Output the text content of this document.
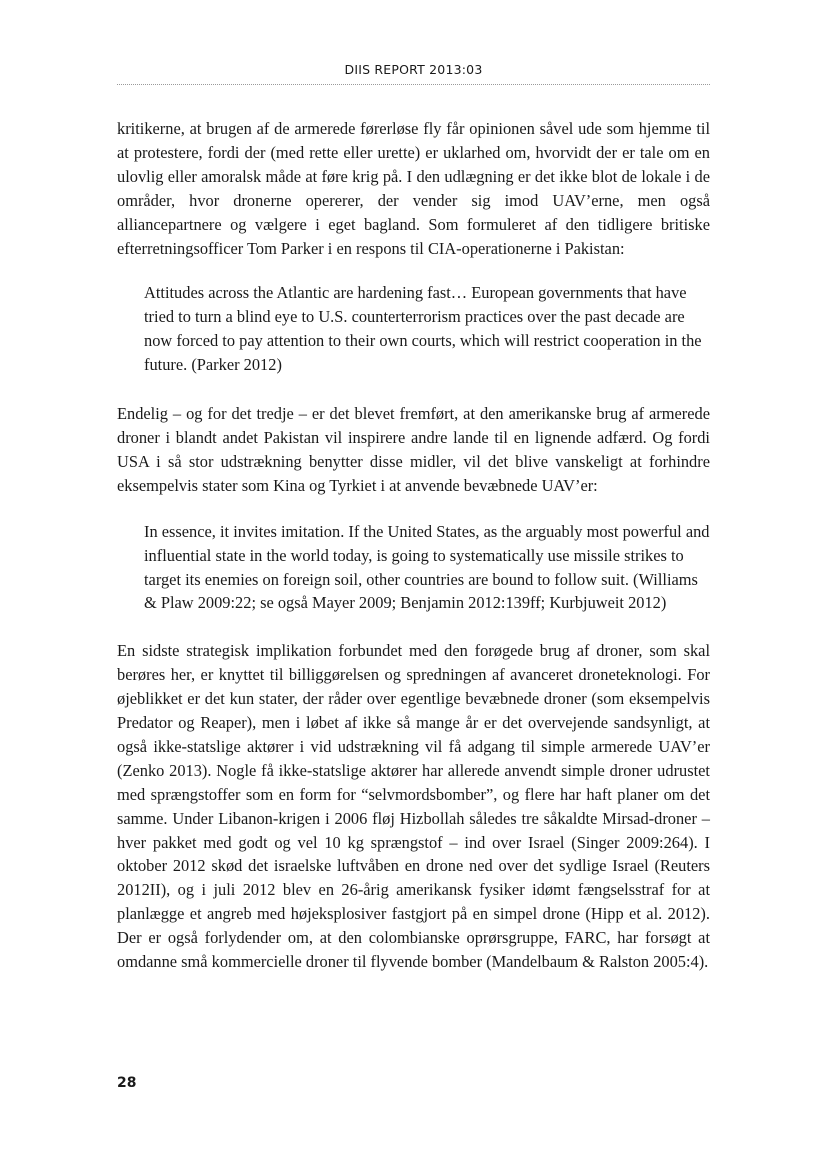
DIIS REPORT 2013:03

kritikerne, at brugen af de armerede førerløse fly får opinionen såvel ude som hjemme til at protestere, fordi der (med rette eller urette) er uklarhed om, hvorvidt der er tale om en ulovlig eller amoralsk måde at føre krig på. I den udlægning er det ikke blot de lokale i de områder, hvor dronerne opererer, der vender sig imod UAV’erne, men også alliancepartnere og vælgere i eget bagland. Som formuleret af den tidligere britiske efterretningsofficer Tom Parker i en respons til CIA-operationerne i Pakistan:

Attitudes across the Atlantic are hardening fast… European governments that have tried to turn a blind eye to U.S. counterterrorism practices over the past decade are now forced to pay attention to their own courts, which will restrict cooperation in the future. (Parker 2012)

Endelig – og for det tredje – er det blevet fremført, at den amerikanske brug af armerede droner i blandt andet Pakistan vil inspirere andre lande til en lignende adfærd. Og fordi USA i så stor udstrækning benytter disse midler, vil det blive vanskeligt at forhindre eksempelvis stater som Kina og Tyrkiet i at anvende bevæbnede UAV’er:

In essence, it invites imitation. If the United States, as the arguably most powerful and influential state in the world today, is going to systematically use missile strikes to target its enemies on foreign soil, other countries are bound to follow suit. (Williams & Plaw 2009:22; se også Mayer 2009; Benjamin 2012:139ff; Kurbjuweit 2012)

En sidste strategisk implikation forbundet med den forøgede brug af droner, som skal berøres her, er knyttet til billiggørelsen og spredningen af avanceret droneteknologi. For øjeblikket er det kun stater, der råder over egentlige bevæbnede droner (som eksempelvis Predator og Reaper), men i løbet af ikke så mange år er det overvejende sandsynligt, at også ikke-statslige aktører i vid udstrækning vil få adgang til simple armerede UAV’er (Zenko 2013). Nogle få ikke-statslige aktører har allerede anvendt simple droner udrustet med sprængstoffer som en form for “selvmordsbomber”, og flere har haft planer om det samme. Under Libanon-krigen i 2006 fløj Hizbollah således tre såkaldte Mirsad-droner – hver pakket med godt og vel 10 kg sprængstof – ind over Israel (Singer 2009:264). I oktober 2012 skød det israelske luftvåben en drone ned over det sydlige Israel (Reuters 2012II), og i juli 2012 blev en 26-årig amerikansk fysiker idømt fængselsstraf for at planlægge et angreb med højeksplosiver fastgjort på en simpel drone (Hipp et al. 2012). Der er også forlydender om, at den colombianske oprørsgruppe, FARC, har forsøgt at omdanne små kommercielle droner til flyvende bomber (Mandelbaum & Ralston 2005:4).

28
